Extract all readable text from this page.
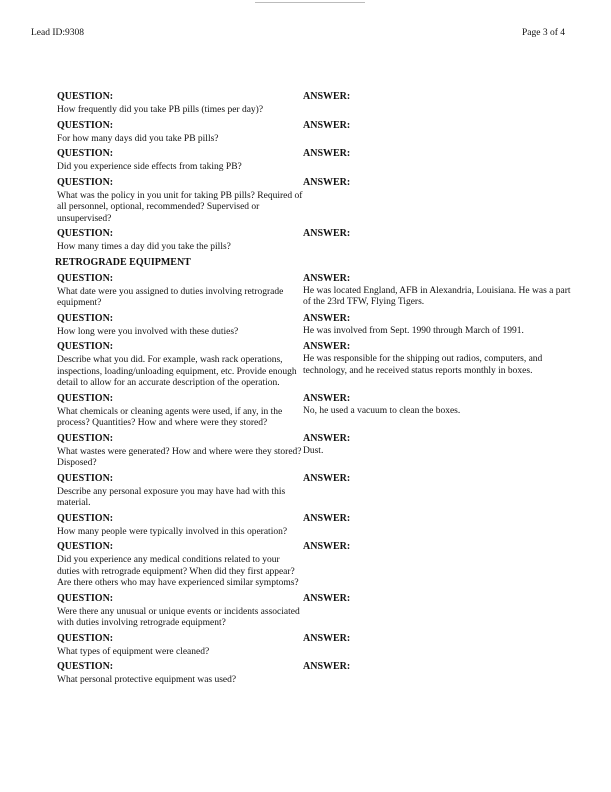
Lead ID:9308	Page 3 of 4
QUESTION:
How frequently did you take PB pills (times per day)?
ANSWER:
QUESTION:
For how many days did you take PB pills?
ANSWER:
QUESTION:
Did you experience side effects from taking PB?
ANSWER:
QUESTION:
What was the policy in you unit for taking PB pills? Required of all personnel, optional, recommended? Supervised or unsupervised?
ANSWER:
QUESTION:
How many times a day did you take the pills?
ANSWER:
RETROGRADE EQUIPMENT
QUESTION:
What date were you assigned to duties involving retrograde equipment?
ANSWER:
He was located England, AFB in Alexandria, Louisiana. He was a part of the 23rd TFW, Flying Tigers.
QUESTION:
How long were you involved with these duties?
ANSWER:
He was involved from Sept. 1990 through March of 1991.
QUESTION:
Describe what you did. For example, wash rack operations, inspections, loading/unloading equipment, etc. Provide enough detail to allow for an accurate description of the operation.
ANSWER:
He was responsible for the shipping out radios, computers, and technology, and he received status reports monthly in boxes.
QUESTION:
What chemicals or cleaning agents were used, if any, in the process? Quantities? How and where were they stored?
ANSWER:
No, he used a vacuum to clean the boxes.
QUESTION:
What wastes were generated? How and where were they stored? Disposed?
ANSWER:
Dust.
QUESTION:
Describe any personal exposure you may have had with this material.
ANSWER:
QUESTION:
How many people were typically involved in this operation?
ANSWER:
QUESTION:
Did you experience any medical conditions related to your duties with retrograde equipment? When did they first appear? Are there others who may have experienced similar symptoms?
ANSWER:
QUESTION:
Were there any unusual or unique events or incidents associated with duties involving retrograde equipment?
ANSWER:
QUESTION:
What types of equipment were cleaned?
ANSWER:
QUESTION:
What personal protective equipment was used?
ANSWER:
